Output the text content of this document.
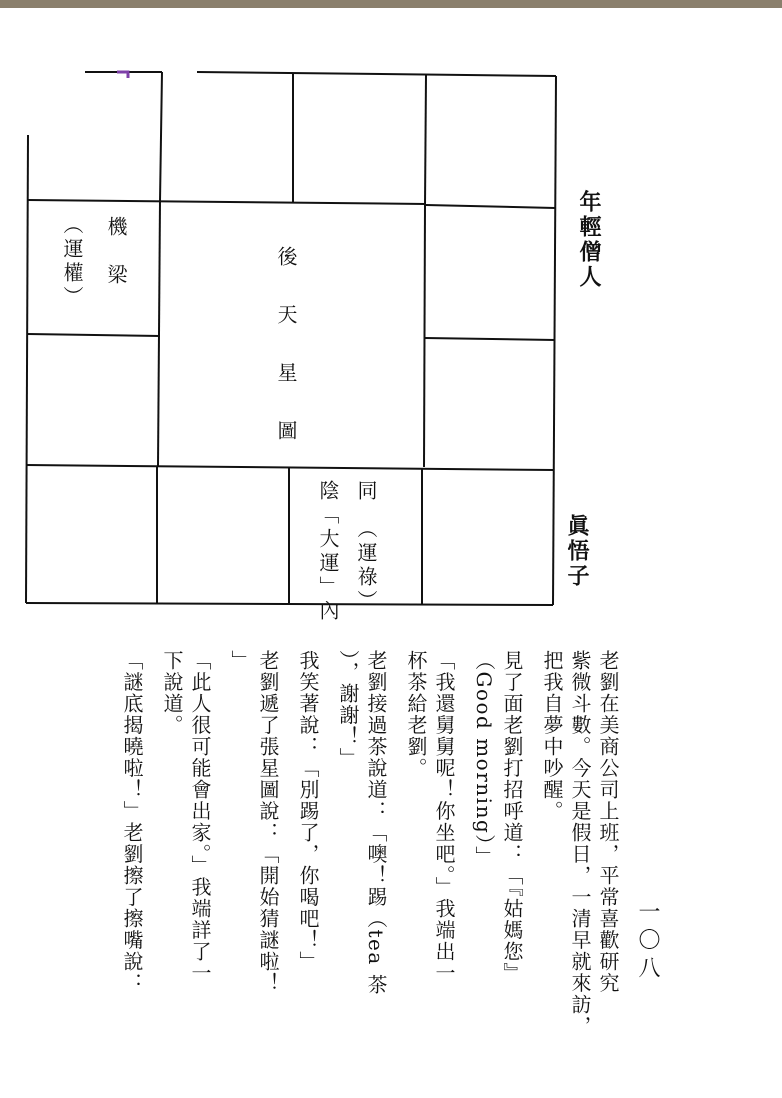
後天星圖
年輕僧人
眞悟子
機　梁
（運權）
同　（運祿）
陰「大運」內
一〇八

老劉在美商公司上班，平常喜歡研究
紫微斗數。今天是假日，一清早就來訪，
把我自夢中吵醒。

見了面老劉打招呼道：「『姑媽您』
（Good morning）」

「我還舅舅呢！你坐吧。」我端出一
杯茶給老劉。

老劉接過茶說道：「噢！踢（tea 茶
），謝謝！」

我笑著說：「別踢了，你喝吧！」

老劉遞了張星圖說：「開始猜謎啦！
」

「此人很可能會出家。」我端詳了一
下說道。

「謎底揭曉啦！」老劉擦了擦嘴說：
